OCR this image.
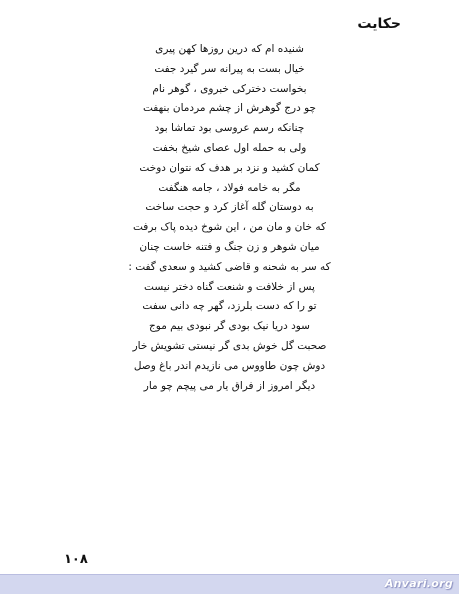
حکایت
شنیده ام که درین روزها کهن پیری
خیال بست به پیرانه سر گیرد جفت
بخواست دخترکی خبروی ، گوهر نام
چو درج گوهرش از چشم مردمان بنهفت
چنانکه رسم عروسی بود تماشا بود
ولی به حمله اول عصای شیخ بخفت
کمان کشید و نزد بر هدف که نتوان دوخت
مگر به خامه فولاد ، جامه هنگفت
به دوستان گله آغاز کرد و حجت ساخت
که خان و مان من ، این شوخ دیده پاک برفت
میان شوهر و زن جنگ و فتنه خاست چنان
که سر به شحنه و قاضی کشید و سعدی گفت :
پس از خلافت و شنعت گناه دختر نیست
تو را که دست بلرزد، گهر چه دانی سفت
سود دریا نیک بودی گر نبودی بیم موج
صحبت گل خوش بدی گر نیستی تشویش خار
دوش چون طاووس می نازیدم اندر باغ وصل
دیگر امروز از فراق یار می پیچم چو مار
۱۰۸
Anvari.org
